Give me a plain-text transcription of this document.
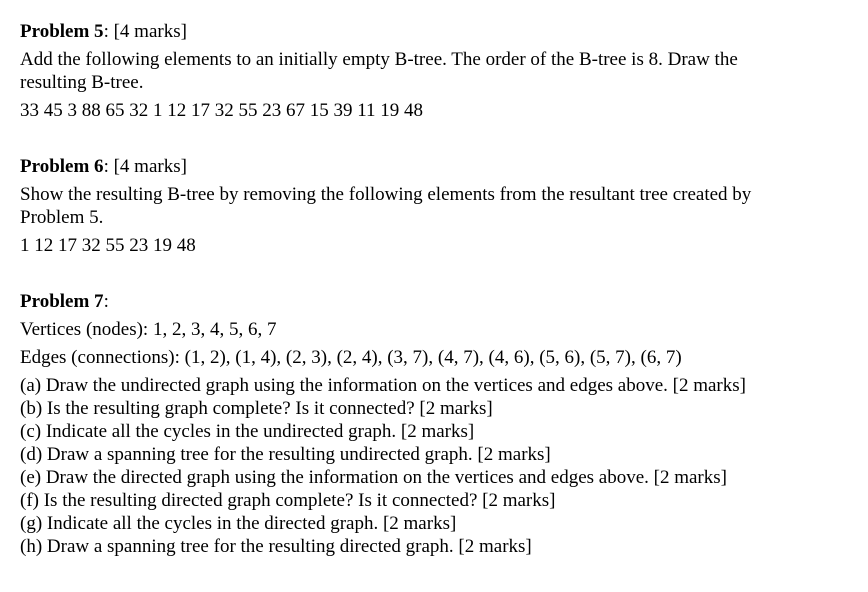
Problem 5: [4 marks]
Add the following elements to an initially empty B-tree. The order of the B-tree is 8. Draw the
resulting B-tree.
33 45 3 88 65 32 1 12 17 32 55 23 67 15 39 11 19 48
Problem 6: [4 marks]
Show the resulting B-tree by removing the following elements from the resultant tree created by
Problem 5.
1 12 17 32 55 23 19 48
Problem 7:
Vertices (nodes): 1, 2, 3, 4, 5, 6, 7
Edges (connections): (1, 2), (1, 4), (2, 3), (2, 4), (3, 7), (4, 7), (4, 6), (5, 6), (5, 7), (6, 7)
(a) Draw the undirected graph using the information on the vertices and edges above. [2 marks]
(b) Is the resulting graph complete? Is it connected? [2 marks]
(c) Indicate all the cycles in the undirected graph. [2 marks]
(d) Draw a spanning tree for the resulting undirected graph. [2 marks]
(e) Draw the directed graph using the information on the vertices and edges above. [2 marks]
(f) Is the resulting directed graph complete? Is it connected? [2 marks]
(g) Indicate all the cycles in the directed graph. [2 marks]
(h) Draw a spanning tree for the resulting directed graph. [2 marks]
